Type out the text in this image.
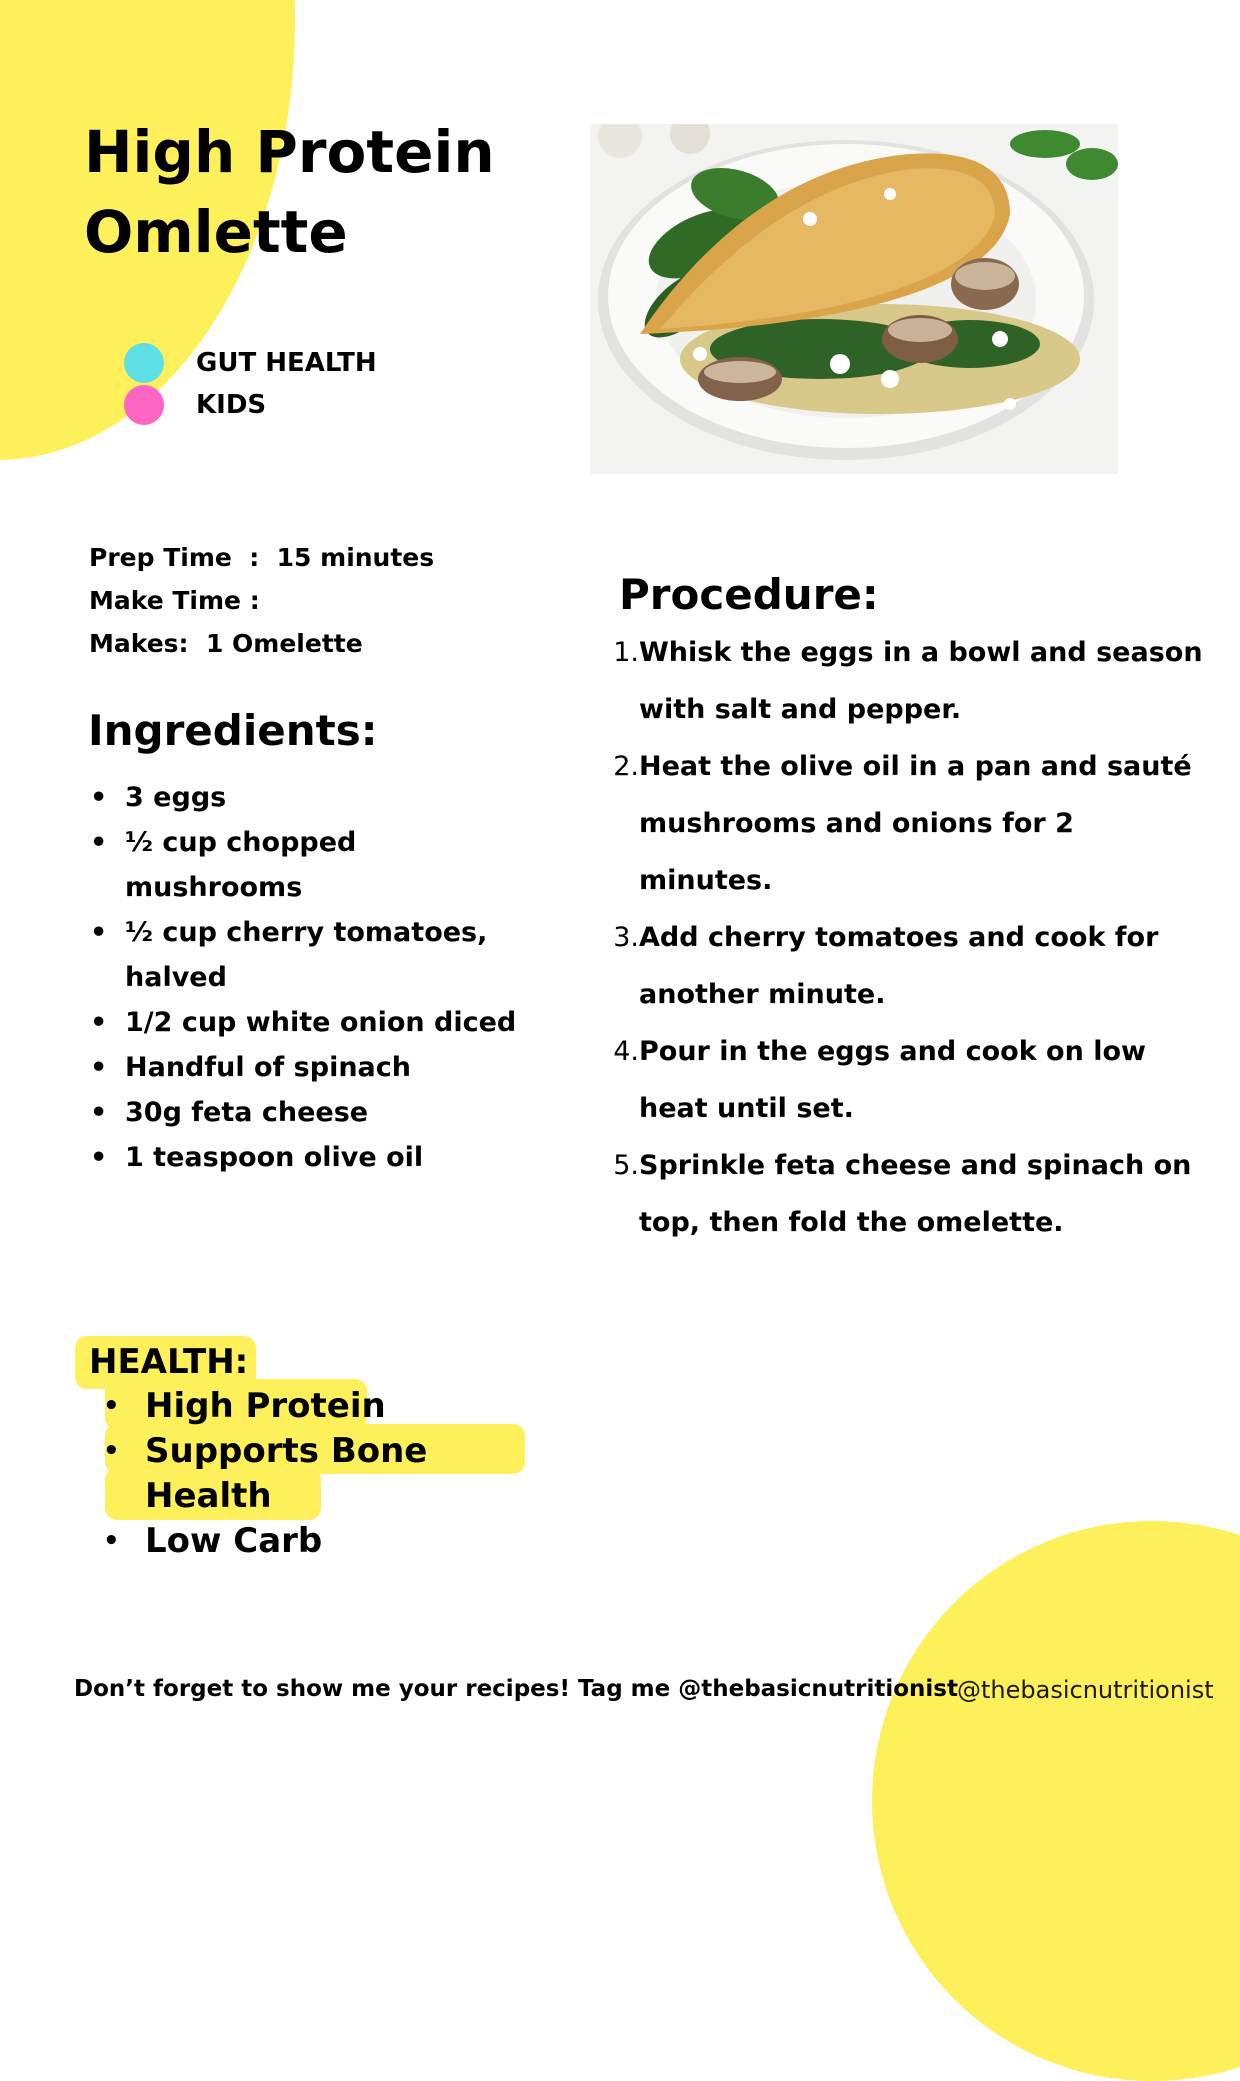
High Protein Omlette
GUT HEALTH
KIDS
Prep Time  :  15 minutes
Make Time :
Makes:  1 Omelette
Ingredients:
• 3 eggs
• ½ cup chopped mushrooms
• ½ cup cherry tomatoes, halved
• 1/2 cup white onion diced
• Handful of spinach
• 30g feta cheese
• 1 teaspoon olive oil
Procedure:
1. Whisk the eggs in a bowl and season with salt and pepper.
2. Heat the olive oil in a pan and sauté mushrooms and onions for 2 minutes.
3. Add cherry tomatoes and cook for another minute.
4. Pour in the eggs and cook on low heat until set.
5. Sprinkle feta cheese and spinach on top, then fold the omelette.
HEALTH:
• High Protein
• Supports Bone Health
• Low Carb
Don’t forget to show me your recipes! Tag me @thebasicnutritionist @thebasicnutritionist
